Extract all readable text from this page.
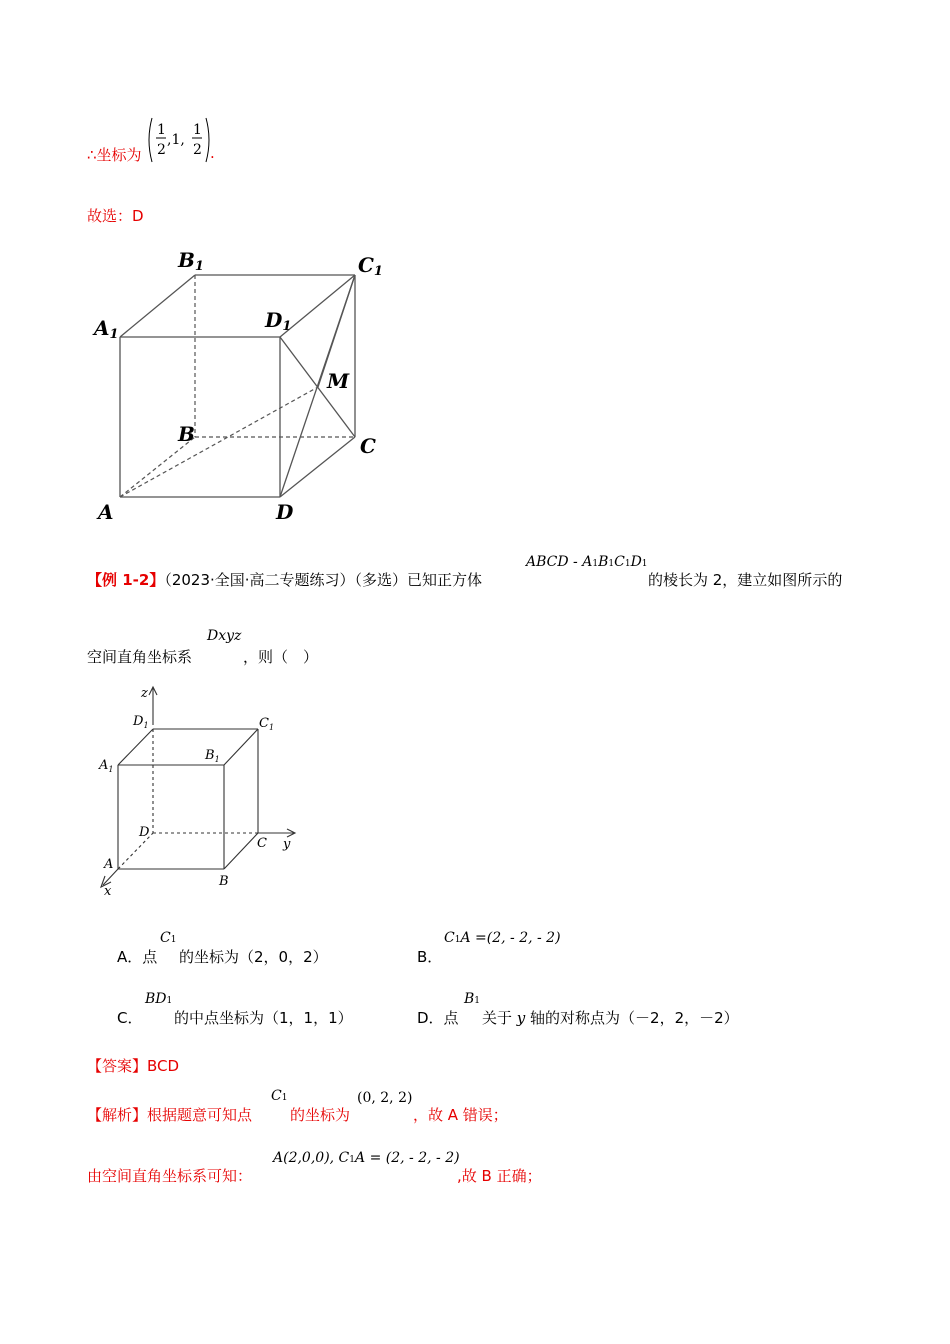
∴坐标为
1
2
,1,
1
2 .
故选：D
B1	C1
A1
D1
M
B	C
A	D
【例 1-2】（2023·全国·高二专题练习）（多选）已知正方体
ABCD - A1B1C1D1
的棱长为 2，建立如图所示的
空间直角坐标系
Dxyz
，则（　）
z
$D_1$	$C_1$
$A_1$
$B_1$
D
C y
A
B
x
A．点
C1
的坐标为（2，0，2）	B．
C1A =(2, - 2, - 2)
C．
BD1
的中点坐标为（1，1，1）	D．点
B1
关于 y 轴的对称点为（－2，2，－2）
【答案】BCD
【解析】根据题意可知点
C1
的坐标为
(0, 2, 2)
，故 A 错误；
由空间直角坐标系可知：
A(2,0,0), C1A = (2, - 2, - 2)
,故 B 正确；
